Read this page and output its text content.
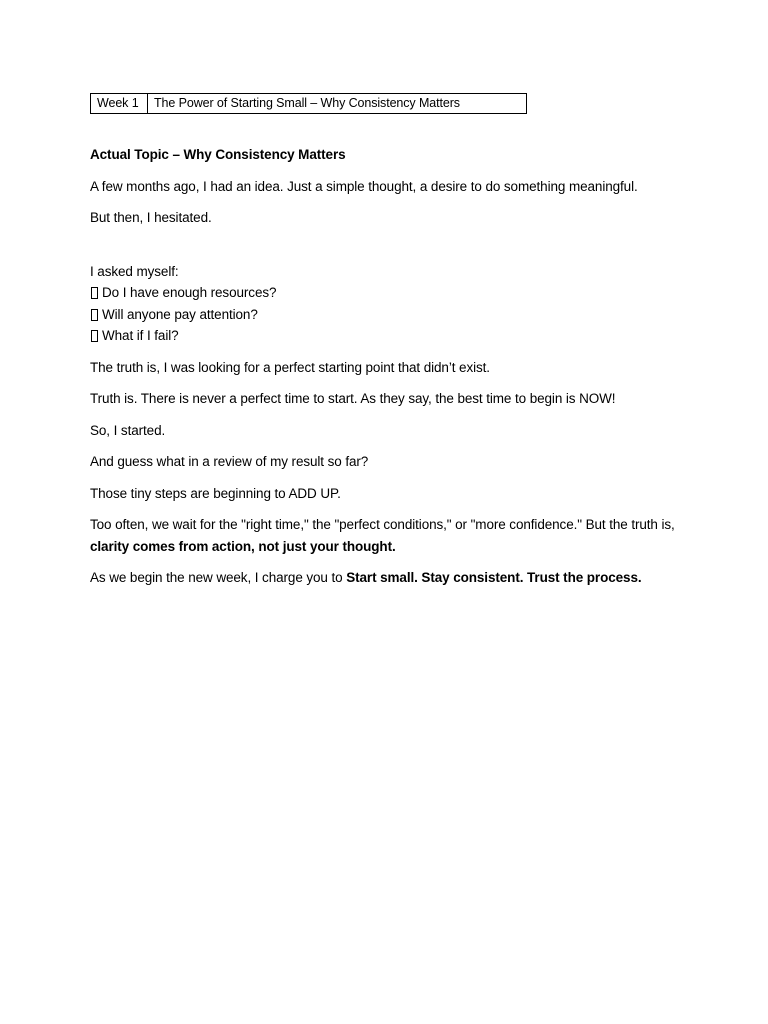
Week 1	The Power of Starting Small – Why Consistency Matters
Actual Topic – Why Consistency Matters

A few months ago, I had an idea. Just a simple thought, a desire to do something meaningful.

But then, I hesitated.

I asked myself:
Do I have enough resources?
Will anyone pay attention?
What if I fail?

The truth is, I was looking for a perfect starting point that didn’t exist.

Truth is. There is never a perfect time to start. As they say, the best time to begin is NOW!

So, I started.

And guess what in a review of my result so far?

Those tiny steps are beginning to ADD UP.

Too often, we wait for the "right time," the "perfect conditions," or "more confidence." But the truth is, clarity comes from action, not just your thought.

As we begin the new week, I charge you to Start small. Stay consistent. Trust the process.
